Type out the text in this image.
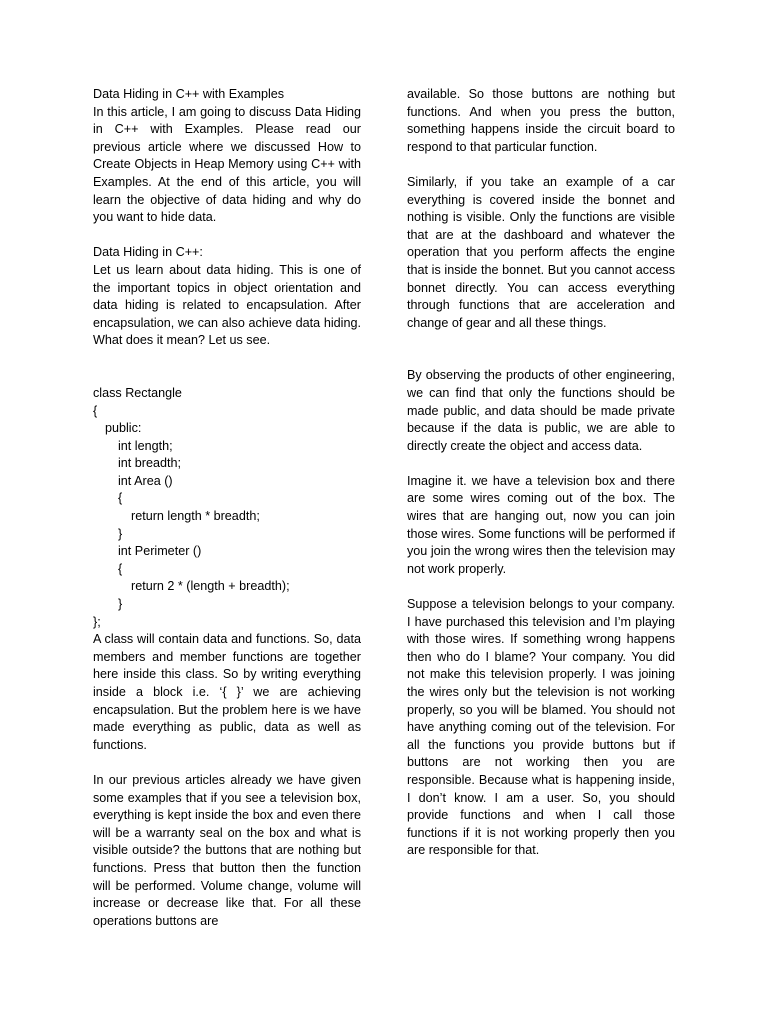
Data Hiding in C++ with Examples

In this article, I am going to discuss Data Hiding in C++ with Examples. Please read our previous article where we discussed How to Create Objects in Heap Memory using C++ with Examples. At the end of this article, you will learn the objective of data hiding and why do you want to hide data.

Data Hiding in C++:

Let us learn about data hiding. This is one of the important topics in object orientation and data hiding is related to encapsulation. After encapsulation, we can also achieve data hiding. What does it mean? Let us see.

class Rectangle
{
public:
int length;
int breadth;
int Area ()
{
return length * breadth;
}
int Perimeter ()
{
return 2 * (length + breadth);
}
};

A class will contain data and functions. So, data members and member functions are together here inside this class. So by writing everything inside a block i.e. ‘{ }’ we are achieving encapsulation. But the problem here is we have made everything as public, data as well as functions.

In our previous articles already we have given some examples that if you see a television box, everything is kept inside the box and even there will be a warranty seal on the box and what is visible outside? the buttons that are nothing but functions. Press that button then the function will be performed. Volume change, volume will increase or decrease like that. For all these operations buttons are

available. So those buttons are nothing but functions. And when you press the button, something happens inside the circuit board to respond to that particular function.

Similarly, if you take an example of a car everything is covered inside the bonnet and nothing is visible. Only the functions are visible that are at the dashboard and whatever the operation that you perform affects the engine that is inside the bonnet. But you cannot access bonnet directly. You can access everything through functions that are acceleration and change of gear and all these things.

By observing the products of other engineering, we can find that only the functions should be made public, and data should be made private because if the data is public, we are able to directly create the object and access data.

Imagine it. we have a television box and there are some wires coming out of the box. The wires that are hanging out, now you can join those wires. Some functions will be performed if you join the wrong wires then the television may not work properly.

Suppose a television belongs to your company. I have purchased this television and I’m playing with those wires. If something wrong happens then who do I blame? Your company. You did not make this television properly. I was joining the wires only but the television is not working properly, so you will be blamed. You should not have anything coming out of the television. For all the functions you provide buttons but if buttons are not working then you are responsible. Because what is happening inside, I don’t know. I am a user. So, you should provide functions and when I call those functions if it is not working properly then you are responsible for that.
